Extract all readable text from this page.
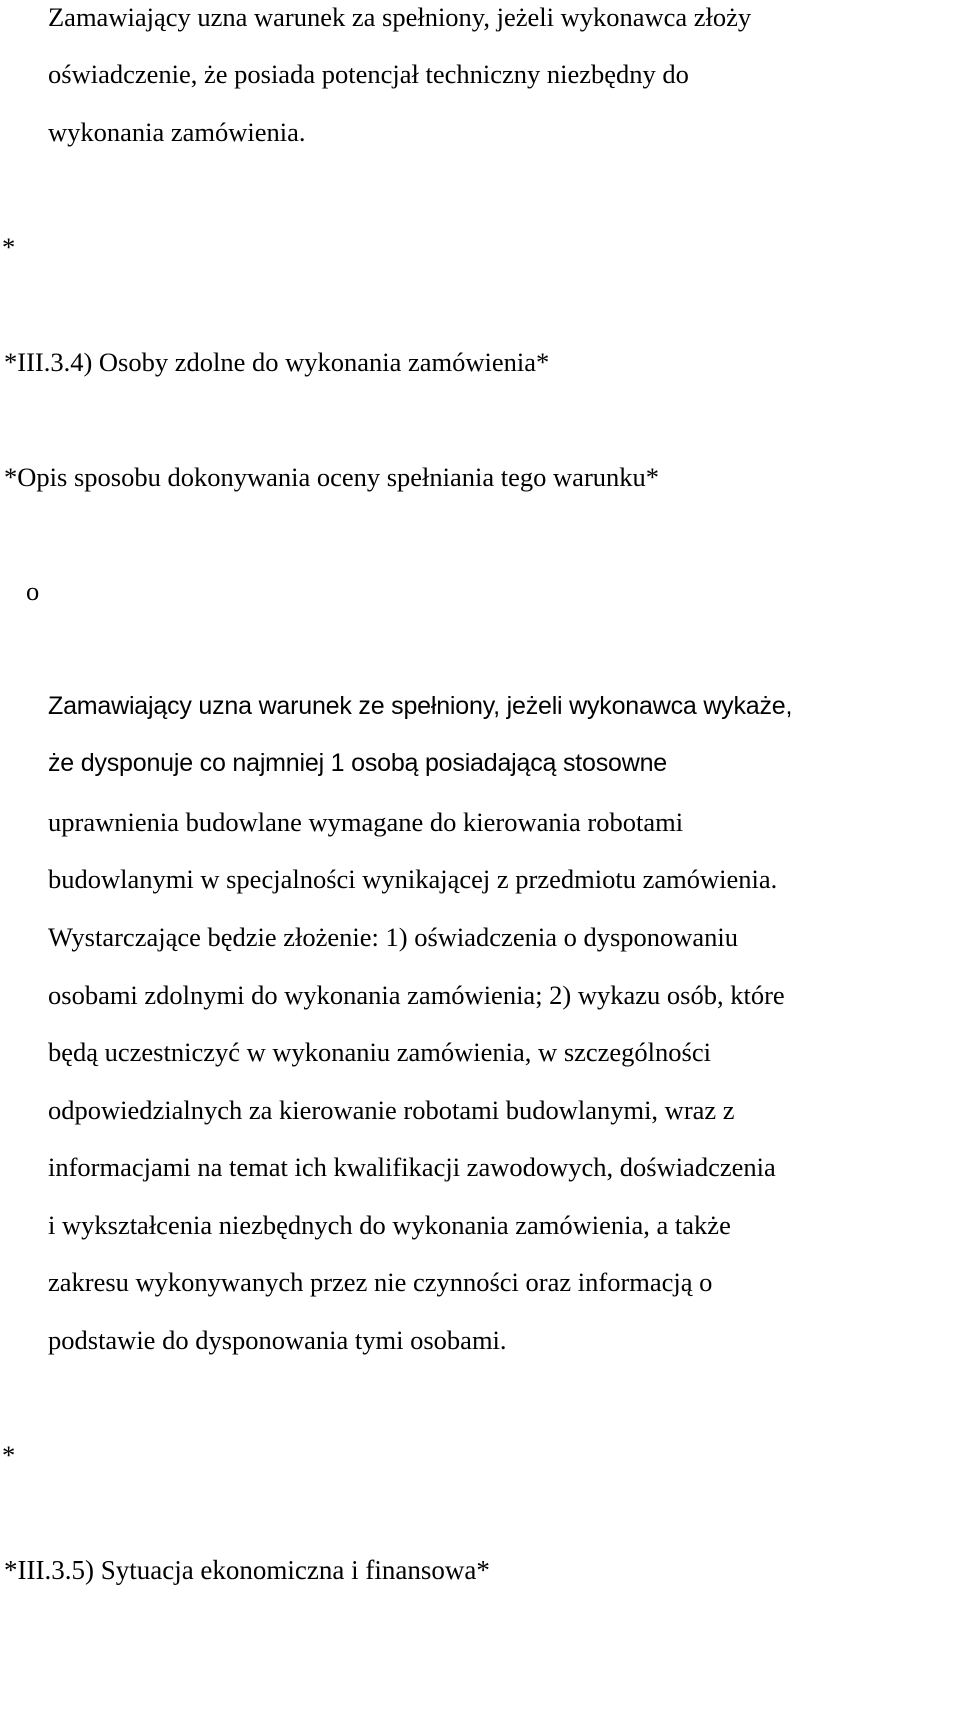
Zamawiający uzna warunek za spełniony, jeżeli wykonawca złoży
oświadczenie, że posiada potencjał techniczny niezbędny do
wykonania zamówienia.
*
*III.3.4) Osoby zdolne do wykonania zamówienia*
*Opis sposobu dokonywania oceny spełniania tego warunku*
o
Zamawiający uzna warunek ze spełniony, jeżeli wykonawca wykaże,
że dysponuje co najmniej 1 osobą posiadającą stosowne
uprawnienia budowlane wymagane do kierowania robotami
budowlanymi w specjalności wynikającej z przedmiotu zamówienia.
Wystarczające będzie złożenie: 1) oświadczenia o dysponowaniu
osobami zdolnymi do wykonania zamówienia; 2) wykazu osób, które
będą uczestniczyć w wykonaniu zamówienia, w szczególności
odpowiedzialnych za kierowanie robotami budowlanymi, wraz z
informacjami na temat ich kwalifikacji zawodowych, doświadczenia
i wykształcenia niezbędnych do wykonania zamówienia, a także
zakresu wykonywanych przez nie czynności oraz informacją o
podstawie do dysponowania tymi osobami.
*
*III.3.5) Sytuacja ekonomiczna i finansowa*
